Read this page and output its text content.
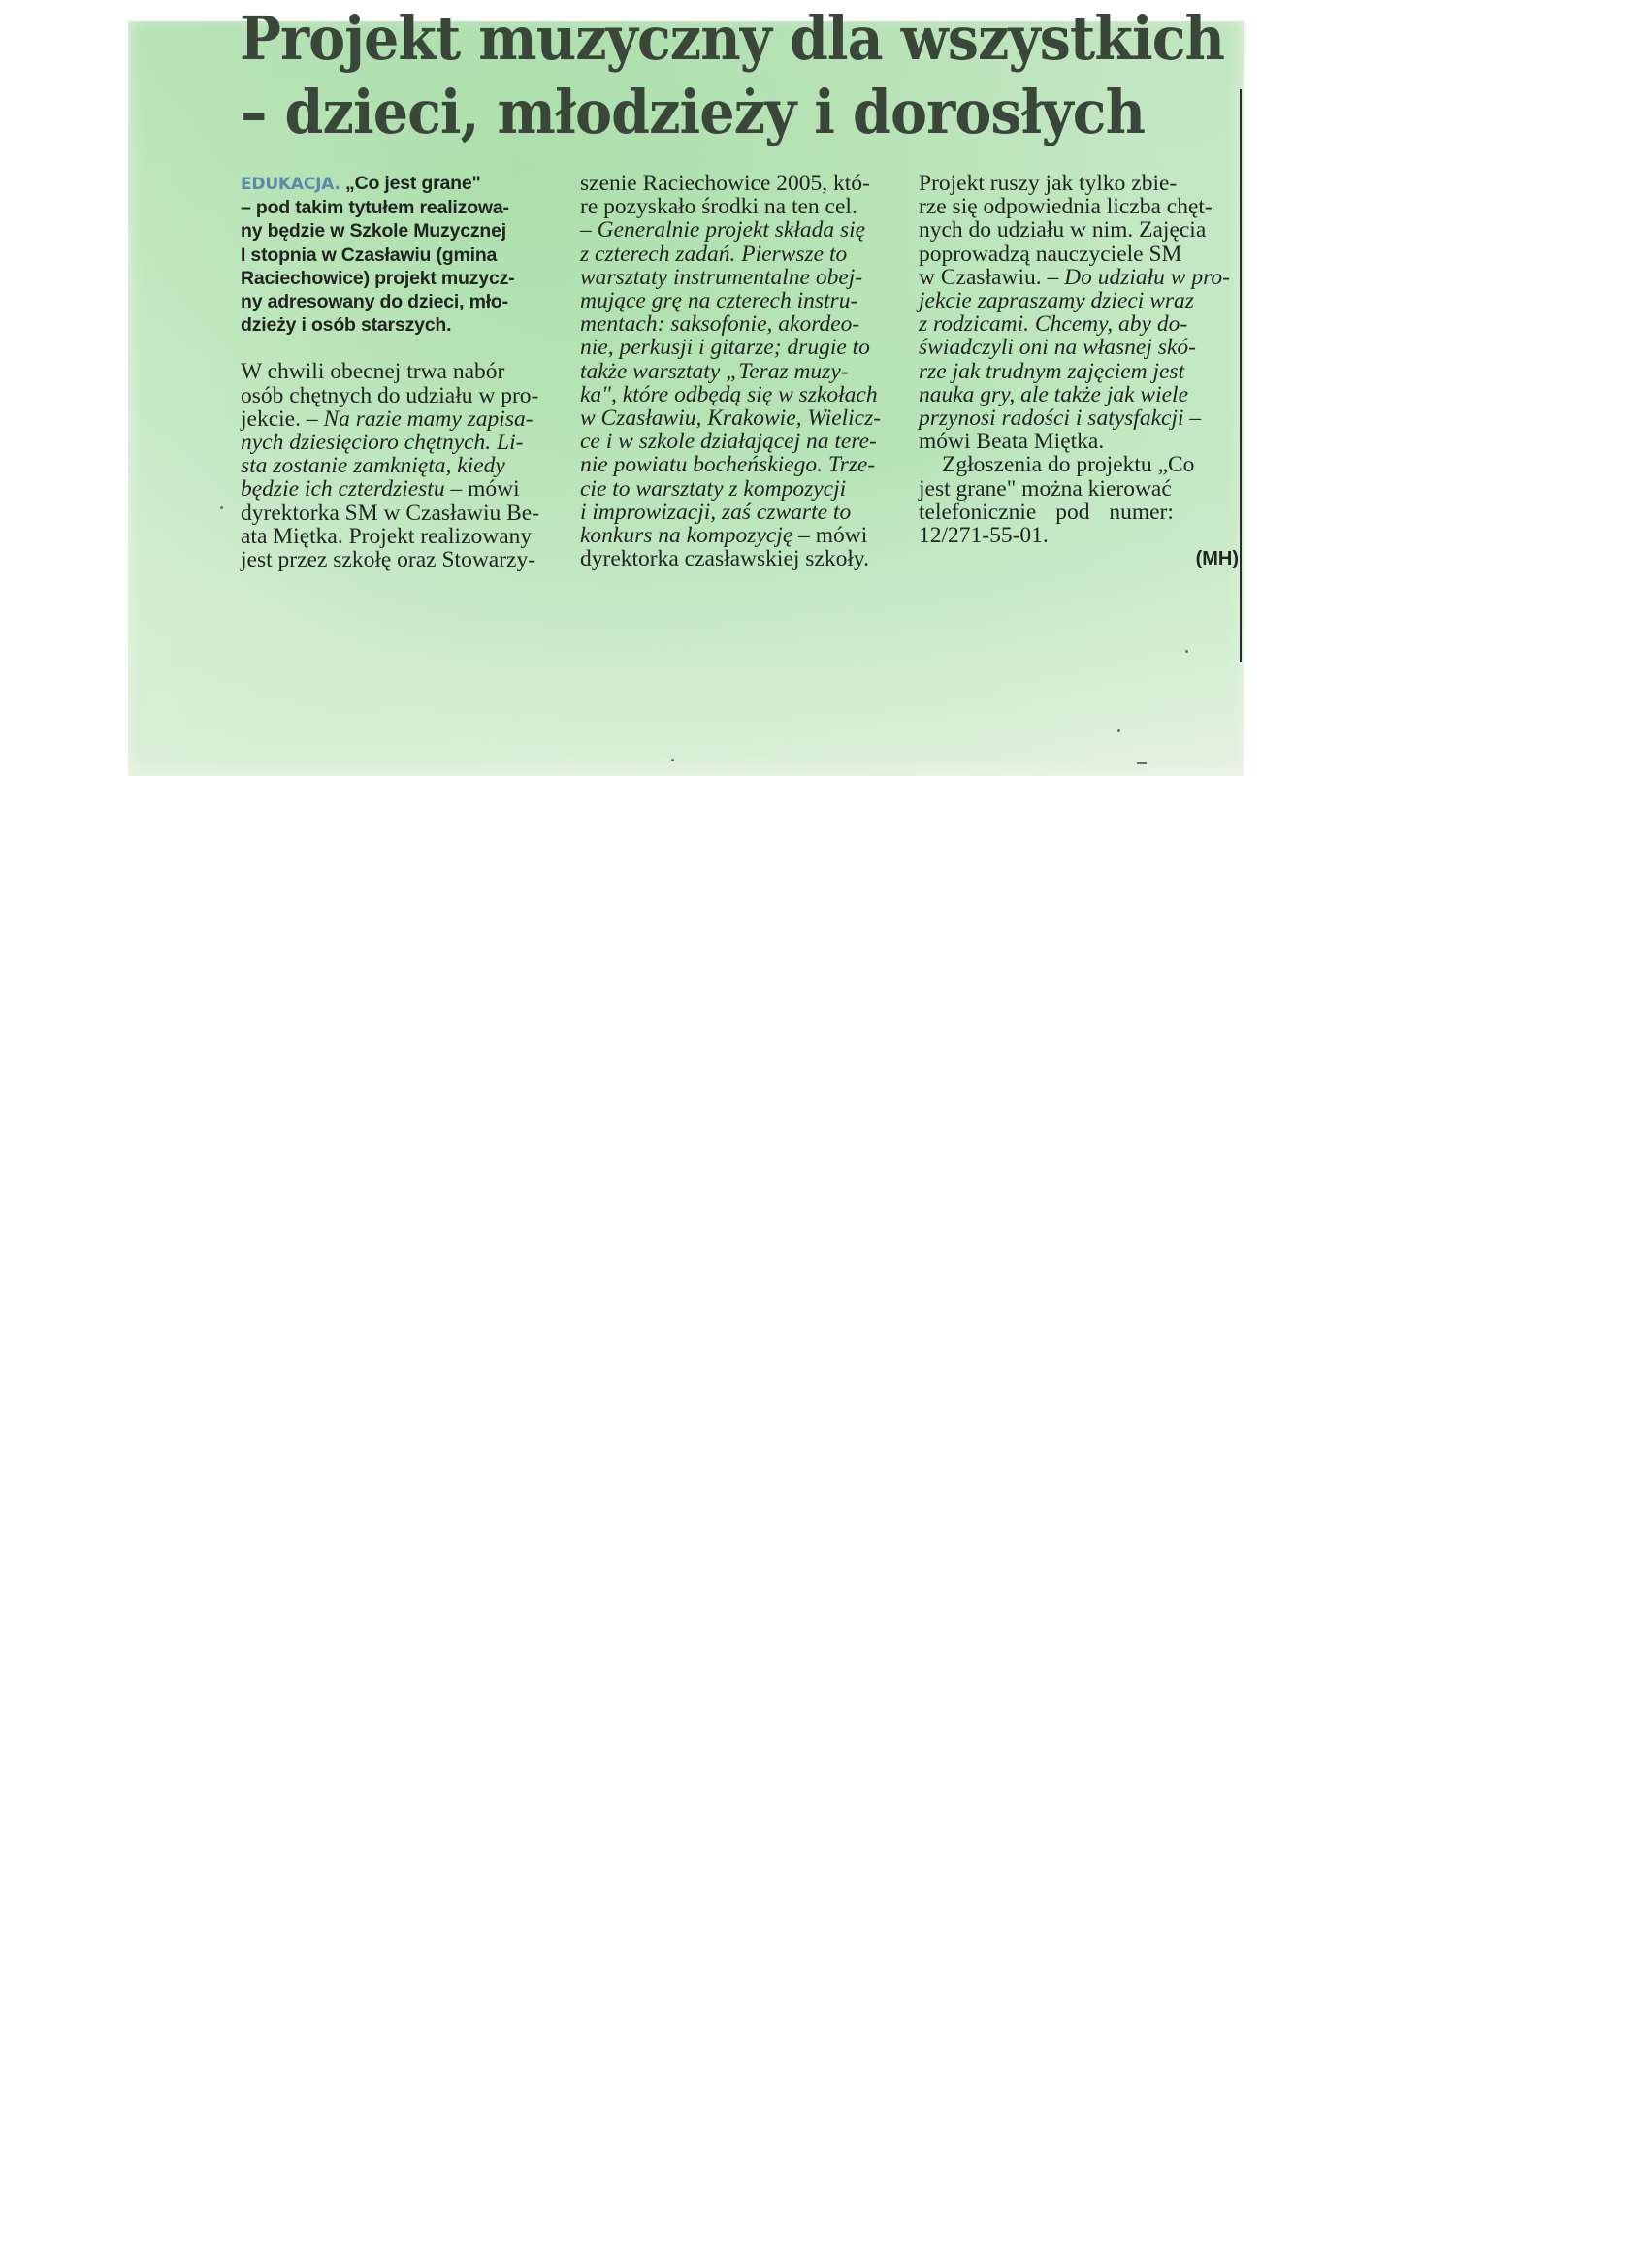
Projekt muzyczny dla wszystkich
– dzieci, młodzieży i dorosłych

EDUKACJA. „Co jest grane"

– pod takim tytułem realizowa-

ny będzie w Szkole Muzycznej

I stopnia w Czasławiu (gmina

Raciechowice) projekt muzycz-

ny adresowany do dzieci, mło-

dzieży i osób starszych.

W chwili obecnej trwa nabór

osób chętnych do udziału w pro-

jekcie. – Na razie mamy zapisa-

nych dziesięcioro chętnych. Li-

sta zostanie zamknięta, kiedy

będzie ich czterdziestu – mówi

dyrektorka SM w Czasławiu Be-

ata Miętka. Projekt realizowany

jest przez szkołę oraz Stowarzy-

szenie Raciechowice 2005, któ-

re pozyskało środki na ten cel.

– Generalnie projekt składa się

z czterech zadań. Pierwsze to

warsztaty instrumentalne obej-

mujące grę na czterech instru-

mentach: saksofonie, akordeo-

nie, perkusji i gitarze; drugie to

także warsztaty „Teraz muzy-

ka", które odbędą się w szkołach

w Czasławiu, Krakowie, Wielicz-

ce i w szkole działającej na tere-

nie powiatu bocheńskiego. Trze-

cie to warsztaty z kompozycji

i improwizacji, zaś czwarte to

konkurs na kompozycję – mówi

dyrektorka czasławskiej szkoły.

Projekt ruszy jak tylko zbie-

rze się odpowiednia liczba chęt-

nych do udziału w nim. Zajęcia

poprowadzą nauczyciele SM

w Czasławiu. – Do udziału w pro-

jekcie zapraszamy dzieci wraz

z rodzicami. Chcemy, aby do-

świadczyli oni na własnej skó-

rze jak trudnym zajęciem jest

nauka gry, ale także jak wiele

przynosi radości i satysfakcji –

mówi Beata Miętka.

Zgłoszenia do projektu „Co

jest grane" można kierować

telefonicznie pod numer:

12/271-55-01.

(MH)
